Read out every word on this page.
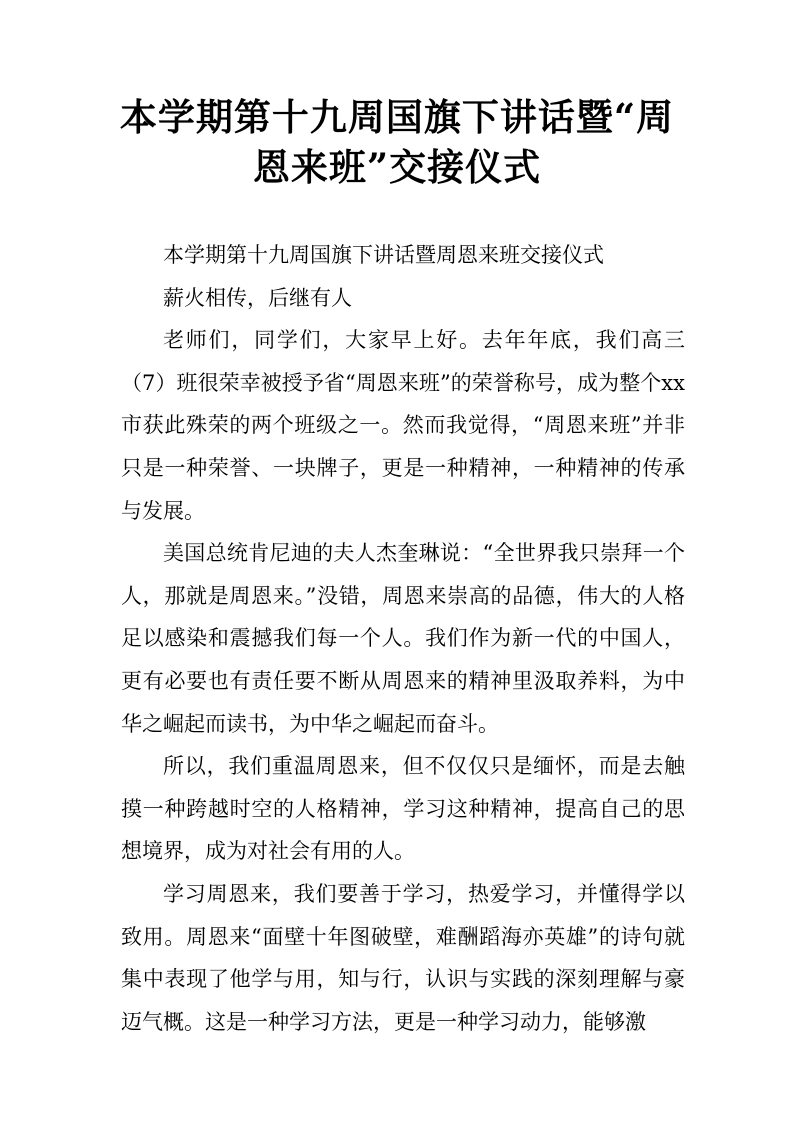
本学期第十九周国旗下讲话暨“周恩来班”交接仪式

本学期第十九周国旗下讲话暨周恩来班交接仪式

薪火相传，后继有人

老师们，同学们，大家早上好。去年年底，我们高三（7）班很荣幸被授予省“周恩来班”的荣誉称号，成为整个xx市获此殊荣的两个班级之一。然而我觉得，“周恩来班”并非只是一种荣誉、一块牌子，更是一种精神，一种精神的传承与发展。

美国总统肯尼迪的夫人杰奎琳说：“全世界我只崇拜一个人，那就是周恩来。”没错，周恩来崇高的品德，伟大的人格足以感染和震撼我们每一个人。我们作为新一代的中国人，更有必要也有责任要不断从周恩来的精神里汲取养料，为中华之崛起而读书，为中华之崛起而奋斗。

所以，我们重温周恩来，但不仅仅只是缅怀，而是去触摸一种跨越时空的人格精神，学习这种精神，提高自己的思想境界，成为对社会有用的人。

学习周恩来，我们要善于学习，热爱学习，并懂得学以致用。周恩来“面壁十年图破壁，难酬蹈海亦英雄”的诗句就集中表现了他学与用，知与行，认识与实践的深刻理解与豪迈气概。这是一种学习方法，更是一种学习动力，能够激
